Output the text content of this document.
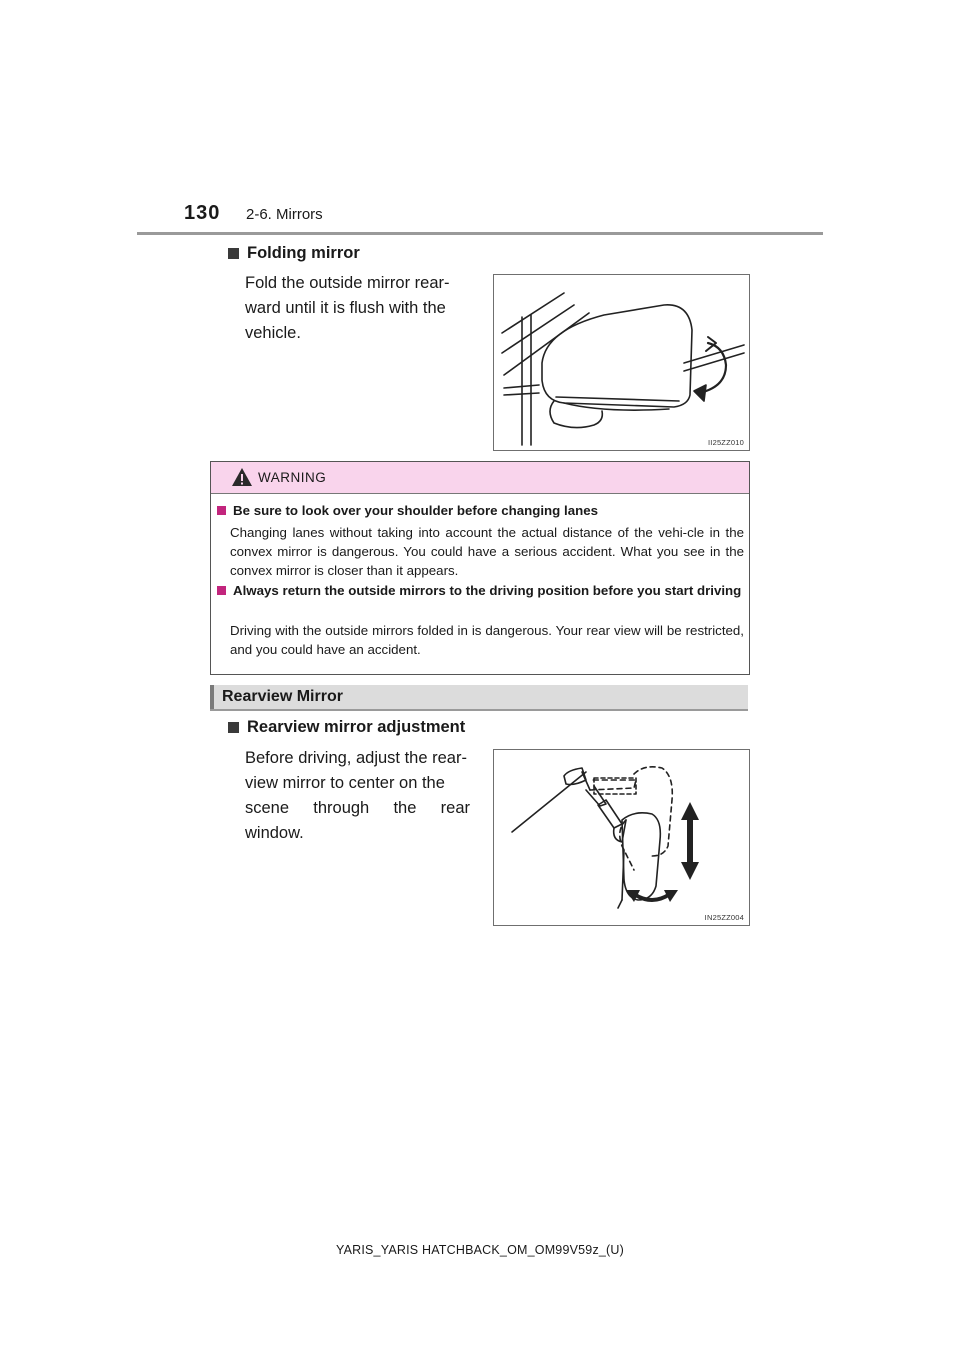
130 2-6. Mirrors
Folding mirror
Fold the outside mirror rear-
ward until it is flush with the
vehicle.
II25ZZ010
WARNING
Be sure to look over your shoulder before changing lanes
Changing lanes without taking into account the actual distance of the vehi-cle in the convex mirror is dangerous. You could have a serious accident. What you see in the convex mirror is closer than it appears.
Always return the outside mirrors to the driving position before you start driving
Driving with the outside mirrors folded in is dangerous. Your rear view will be restricted, and you could have an accident.
Rearview Mirror
Rearview mirror adjustment
Before driving, adjust the rear-
view mirror to center on the
scene through the rear window.
IN25ZZ004
YARIS_YARIS HATCHBACK_OM_OM99V59z_(U)
